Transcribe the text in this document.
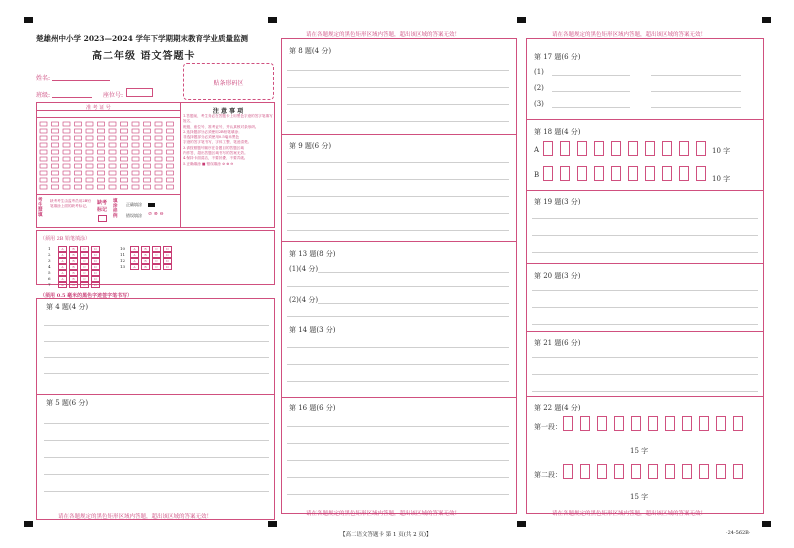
楚雄州中小学 2023—2024 学年下学期期末教育学业质量监测
高二年级 语文答题卡
贴条形码区
姓名:
班级:	座位号:
准 考 证 号	注 意 事 项
1.答题前，考生务必在答题卡上用黑色字迹的签字笔填写姓名、
班级、座位号、准考证号，并认真核对条形码。
2.选择题部分必须使用2B铅笔填涂；
非选择题部分必须使用0.5毫米黑色
字迹的签字笔书写，字体工整、笔迹清楚。
3.请按照题号顺序在各题目的答题区域
内作答，超出答题区域书写的答案无效。
4.保持卡面清洁，不要折叠、不要弄破。
5.正确填涂 ■ 错误填涂 ⊘ ⊗ ⊖
考生禁填
缺考考生由监考员用2B铅笔填涂上面的缺考标记。	缺考标记
填涂样例
正确填涂
错误填涂 ⊘ ⊗ ⊖
（须用 2B 铅笔填涂）
1	A	B	C	D
2	A	B	C	D
3	A	B	C	D
4	A	B	C	D
5	A	B	C	D
6	A	B	C	D
7	A	B	C	D
10	A	B	C	D
11	A	B	C	D
12	A	B	C	D
13	A	B	C	D
（须用 0.5 毫米的黑色字迹签字笔书写）
第 4 题(4 分)
第 5 题(6 分)
请在各题规定的黑色矩形区域内答题，超出该区域的答案无效！
请在各题规定的黑色矩形区域内答题，超出该区域的答案无效！
第 8 题(4 分)
第 9 题(6 分)
第 13 题(8 分)
(1)(4 分)
(2)(4 分)
第 14 题(3 分)
第 16 题(6 分)
请在各题规定的黑色矩形区域内答题，超出该区域的答案无效！
请在各题规定的黑色矩形区域内答题，超出该区域的答案无效！
第 17 题(6 分)
(1)
(2)
(3)
第 18 题(4 分)
A	10 字
B	10 字
第 19 题(3 分)
第 20 题(3 分)
第 21 题(6 分)
第 22 题(4 分)
第一段：
15 字
第二段：
15 字
请在各题规定的黑色矩形区域内答题，超出该区域的答案无效！
【高二语文答题卡 第 1 页(共 2 页)】	·24-562B·
